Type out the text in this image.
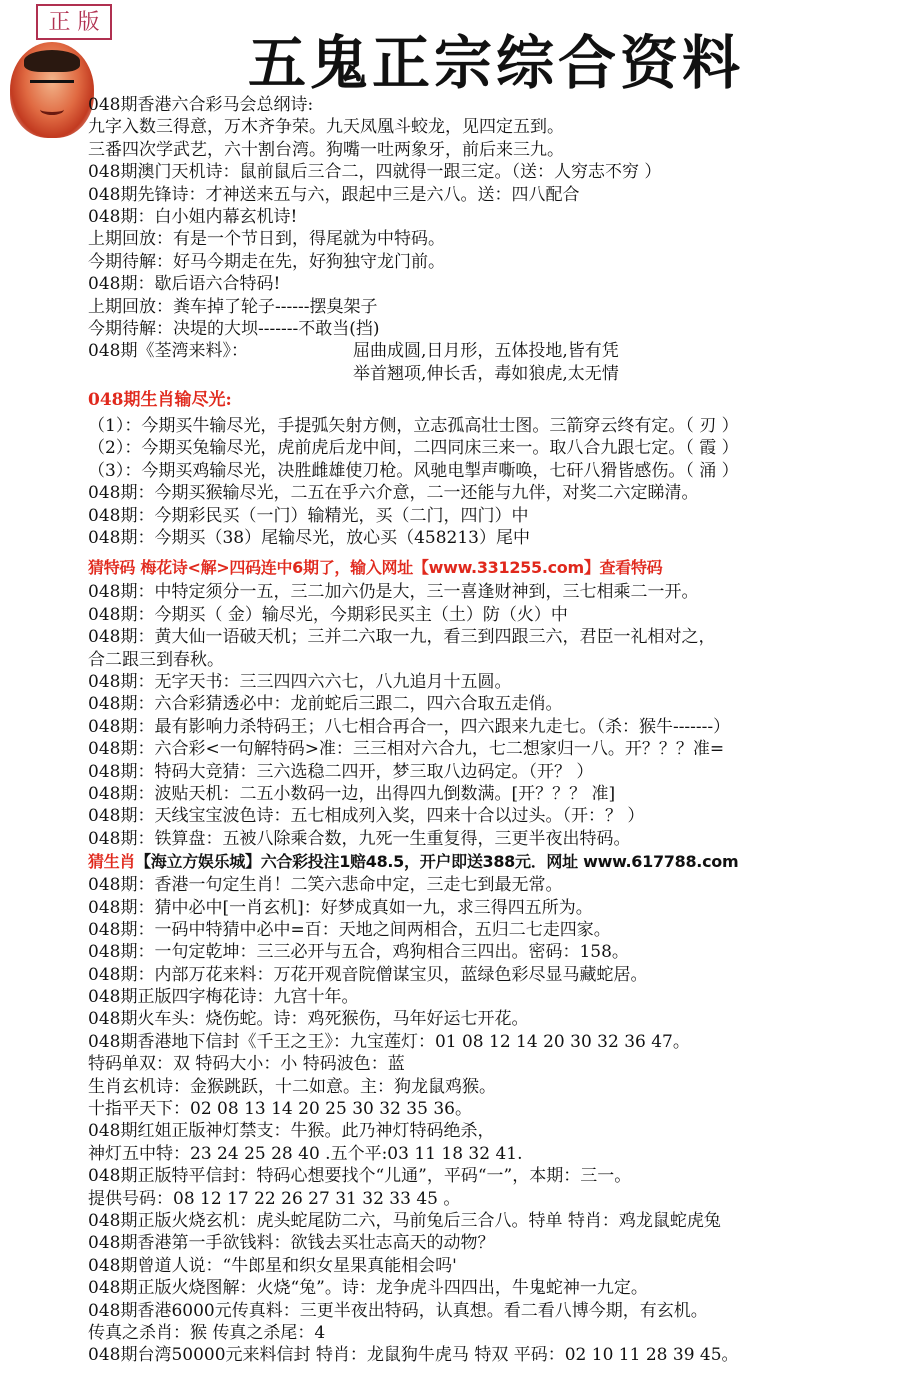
正 版
五鬼正宗综合资料
048期香港六合彩马会总纲诗:
九字入数三得意，万木齐争荣。九天凤凰斗蛟龙，见四定五到。
三番四次学武艺，六十割台湾。狗嘴一吐两象牙，前后来三九。
048期澳门天机诗：鼠前鼠后三合二，四就得一跟三定。（送：人穷志不穷 ）
048期先锋诗：才神送来五与六，跟起中三是六八。送：四八配合
048期：白小姐内幕玄机诗!
上期回放：有是一个节日到，得尾就为中特码。
今期待解：好马今期走在先，好狗独守龙门前。
048期：歇后语六合特码!
上期回放：粪车掉了轮子------摆臭架子
今期待解：决堤的大坝-------不敢当(挡)
048期《荃湾来料》：	屈曲成圆,日月形，五体投地,皆有凭
举首翘项,伸长舌，毒如狼虎,太无情
048期生肖输尽光:
（1）：今期买牛输尽光，手提弧矢射方侧，立志孤高壮士图。三箭穿云终有定。（ 刃 ）
（2）：今期买兔输尽光，虎前虎后龙中间，二四同床三来一。取八合九跟七定。（ 霞 ）
（3）：今期买鸡输尽光，决胜雌雄使刀枪。风驰电掣声嘶唤，七矸八猾皆感伤。（ 涌 ）
048期：今期买猴输尽光，二五在乎六介意，二一还能与九伴，对奖二六定睇清。
048期：今期彩民买（一门）输精光，买（二门，四门）中
048期：今期买（38）尾输尽光，放心买（458213）尾中
猜特码 梅花诗<解>四码连中6期了，输入网址【www.331255.com】查看特码
048期：中特定须分一五，三二加六仍是大，三一喜逢财神到，三七相乘二一开。
048期：今期买（ 金）输尽光，今期彩民买主（土）防（火）中
048期：黄大仙一语破天机；三并二六取一九，看三到四跟三六，君臣一礼相对之，
合二跟三到春秋。
048期：无字天书：三三四四六六七，八九追月十五圆。
048期：六合彩猜透必中：龙前蛇后三跟二，四六合取五走俏。
048期：最有影响力杀特码王；八七相合再合一，四六跟来九走七。（杀：猴牛-------）
048期：六合彩<一句解特码>准：三三相对六合九，七二想家归一八。开？？？准=
048期：特码大竞猜：三六选稳二四开，梦三取八边码定。（开？ ）
048期：波贴天机：二五小数码一边，出得四九倒数满。[开？？？ 准]
048期：天线宝宝波色诗：五七相成列入奖，四来十合以过头。（开：？ ）
048期：铁算盘：五被八除乘合数，九死一生重复得，三更半夜出特码。
猜生肖【海立方娱乐城】六合彩投注1赔48.5，开户即送388元．网址 www.617788.com
048期：香港一句定生肖！二笑六悲命中定，三走七到最无常。
048期：猜中必中[一肖玄机]：好梦成真如一九，求三得四五所为。
048期：一码中特猜中必中=百：天地之间两相合，五归二七走四家。
048期：一句定乾坤：三三必开与五合，鸡狗相合三四出。密码：158。
048期：内部万花来料：万花开观音院僧谋宝贝，蓝绿色彩尽显马藏蛇居。
048期正版四字梅花诗：九宫十年。
048期火车头：烧伤蛇。诗：鸡死猴伤，马年好运七开花。
048期香港地下信封《千王之王》：九宝莲灯：01 08 12 14 20 30 32 36 47。
特码单双：双 特码大小：小 特码波色：蓝
生肖玄机诗：金猴跳跃，十二如意。主：狗龙鼠鸡猴。
十指平天下：02 08 13 14 20 25 30 32 35 36。
048期红姐正版神灯禁支：牛猴。此乃神灯特码绝杀，
神灯五中特：23 24 25 28 40 .五个平:03 11 18 32 41.
048期正版特平信封：特码心想要找个“儿通”，平码“一”，本期：三一。
提供号码：08 12 17 22 26 27 31 32 33 45 。
048期正版火烧玄机：虎头蛇尾防二六，马前兔后三合八。特单 特肖：鸡龙鼠蛇虎兔
048期香港第一手欲钱料：欲钱去买壮志高天的动物？
048期曾道人说：“牛郎星和织女星果真能相会吗'
048期正版火烧图解：火烧“兔”。诗：龙争虎斗四四出，牛鬼蛇神一九定。
048期香港6000元传真料：三更半夜出特码，认真想。看二看八博今期，有玄机。
传真之杀肖：猴 传真之杀尾：4
048期台湾50000元来料信封 特肖：龙鼠狗牛虎马 特双 平码：02 10 11 28 39 45。
